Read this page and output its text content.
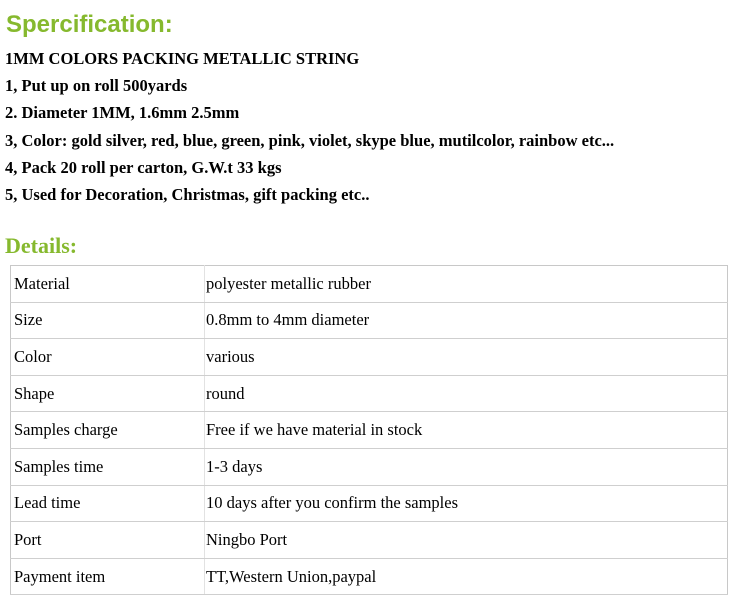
Spercification:
1MM COLORS PACKING METALLIC STRING
1, Put up on roll 500yards
2. Diameter 1MM, 1.6mm 2.5mm
3, Color: gold silver, red, blue, green, pink, violet, skype blue, mutilcolor, rainbow etc...
4, Pack 20 roll per carton, G.W.t 33 kgs
5, Used for Decoration, Christmas, gift packing etc..
Details:
Material	polyester metallic rubber
Size	0.8mm to 4mm diameter
Color	various
Shape	round
Samples charge	Free if we have material in stock
Samples time	1-3 days
Lead time	10 days after you confirm the samples
Port	Ningbo Port
Payment item	TT,Western Union,paypal
